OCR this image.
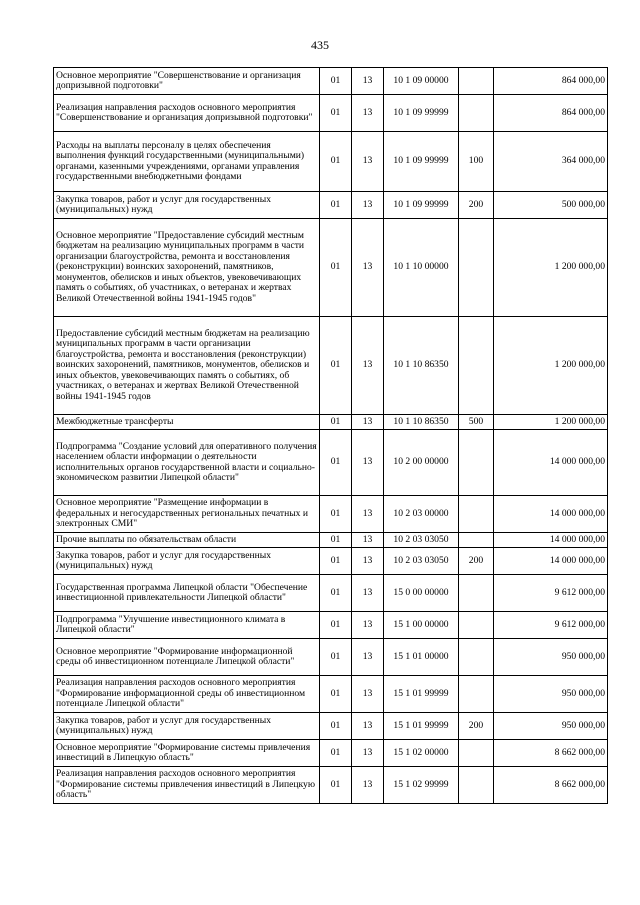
435
Основное мероприятие "Совершенствование и организация допризывной подготовки"	01	13	10 1 09 00000		864 000,00
Реализация направления расходов основного мероприятия "Совершенствование и организация допризывной подготовки"	01	13	10 1 09 99999		864 000,00
Расходы на выплаты персоналу в целях обеспечения выполнения функций государственными (муниципальными) органами, казенными учреждениями, органами управления государственными внебюджетными фондами	01	13	10 1 09 99999	100	364 000,00
Закупка товаров, работ и услуг для государственных (муниципальных) нужд	01	13	10 1 09 99999	200	500 000,00
Основное мероприятие "Предоставление субсидий местным бюджетам на реализацию муниципальных программ в части организации благоустройства, ремонта и восстановления (реконструкции) воинских захоронений, памятников, монументов, обелисков и иных объектов, увековечивающих память о событиях, об участниках, о ветеранах и жертвах Великой Отечественной войны 1941-1945 годов"	01	13	10 1 10 00000		1 200 000,00
Предоставление субсидий местным бюджетам на реализацию муниципальных программ в части организации благоустройства, ремонта и восстановления (реконструкции) воинских захоронений, памятников, монументов, обелисков и иных объектов, увековечивающих память о событиях, об участниках, о ветеранах и жертвах Великой Отечественной войны 1941-1945 годов	01	13	10 1 10 86350		1 200 000,00
Межбюджетные трансферты	01	13	10 1 10 86350	500	1 200 000,00
Подпрограмма "Создание условий для оперативного получения населением области информации о деятельности исполнительных органов государственной власти и социально-экономическом развитии Липецкой области"	01	13	10 2 00 00000		14 000 000,00
Основное мероприятие "Размещение информации в федеральных и негосударственных региональных печатных и электронных СМИ"	01	13	10 2 03 00000		14 000 000,00
Прочие выплаты по обязательствам области	01	13	10 2 03 03050		14 000 000,00
Закупка товаров, работ и услуг для государственных (муниципальных) нужд	01	13	10 2 03 03050	200	14 000 000,00
Государственная программа Липецкой области "Обеспечение инвестиционной привлекательности Липецкой области"	01	13	15 0 00 00000		9 612 000,00
Подпрограмма "Улучшение инвестиционного климата в Липецкой области"	01	13	15 1 00 00000		9 612 000,00
Основное мероприятие "Формирование информационной среды об инвестиционном потенциале Липецкой области"	01	13	15 1 01 00000		950 000,00
Реализация направления расходов основного мероприятия "Формирование информационной среды об инвестиционном потенциале Липецкой области"	01	13	15 1 01 99999		950 000,00
Закупка товаров, работ и услуг для государственных (муниципальных) нужд	01	13	15 1 01 99999	200	950 000,00
Основное мероприятие "Формирование системы привлечения инвестиций в Липецкую область"	01	13	15 1 02 00000		8 662 000,00
Реализация направления расходов основного мероприятия "Формирование системы привлечения инвестиций в Липецкую область"	01	13	15 1 02 99999		8 662 000,00
